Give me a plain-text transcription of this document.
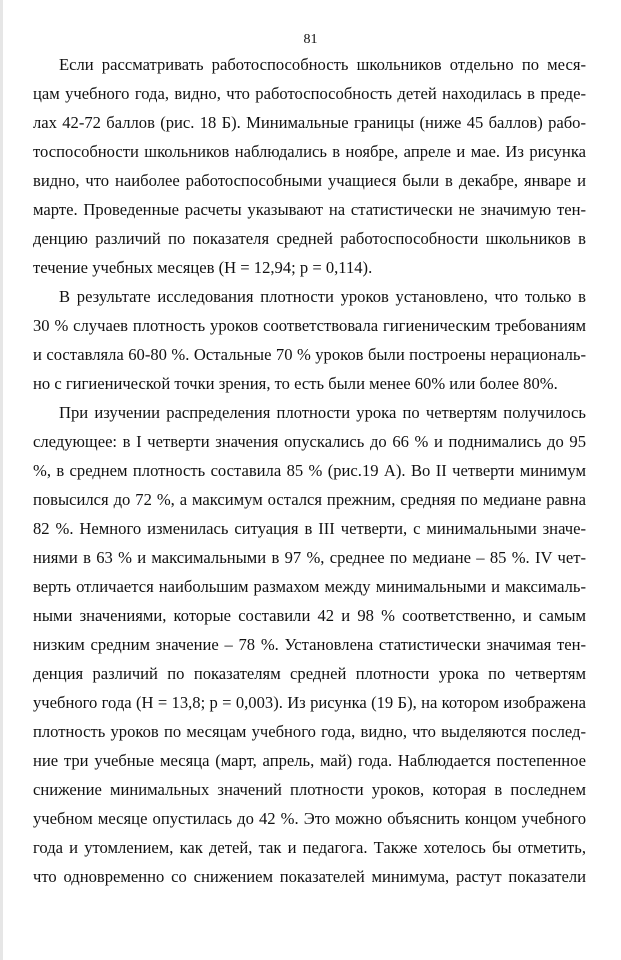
81
Если рассматривать работоспособность школьников отдельно по меся-
цам учебного года, видно, что работоспособность детей находилась в преде-
лах 42-72 баллов (рис. 18 Б). Минимальные границы (ниже 45 баллов) рабо-
тоспособности школьников наблюдались в ноябре, апреле и мае. Из рисунка
видно, что наиболее работоспособными учащиеся были в декабре, январе и
марте. Проведенные расчеты указывают на статистически не значимую тен-
денцию различий по показателя средней работоспособности школьников в
течение учебных месяцев (Н = 12,94; р = 0,114).
В результате исследования плотности уроков установлено, что только в
30 % случаев плотность уроков соответствовала гигиеническим требованиям
и составляла 60-80 %. Остальные 70 % уроков были построены нерациональ-
но с гигиенической точки зрения, то есть были менее 60% или более 80%.
При изучении распределения плотности урока по четвертям получилось
следующее: в I четверти значения опускались до 66 % и поднимались до 95
%, в среднем плотность составила 85 % (рис.19 А). Во II четверти минимум
повысился до 72 %, а максимум остался прежним, средняя по медиане равна
82 %. Немного изменилась ситуация в III четверти, с минимальными значе-
ниями в 63 % и максимальными в 97 %, среднее по медиане – 85 %. IV чет-
верть отличается наибольшим размахом между минимальными и максималь-
ными значениями, которые составили 42 и 98 % соответственно, и самым
низким средним значение – 78 %. Установлена статистически значимая тен-
денция различий по показателям средней плотности урока по четвертям
учебного года (Н = 13,8; р = 0,003). Из рисунка (19 Б), на котором изображена
плотность уроков по месяцам учебного года, видно, что выделяются послед-
ние три учебные месяца (март, апрель, май) года. Наблюдается постепенное
снижение минимальных значений плотности уроков, которая в последнем
учебном месяце опустилась до 42 %. Это можно объяснить концом учебного
года и утомлением, как детей, так и педагога. Также хотелось бы отметить,
что одновременно со снижением показателей минимума, растут показатели
